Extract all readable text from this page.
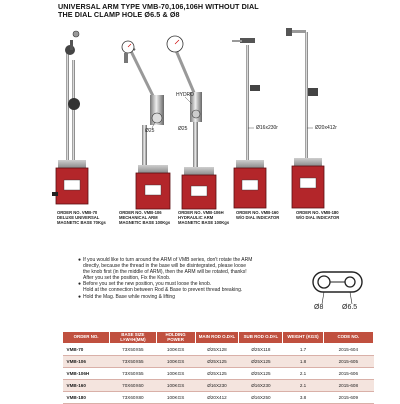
UNIVERSAL ARM TYPE VMB-70,106,106H WITHOUT DIAL
THE DIAL CLAMP HOLE Ø6.5 & Ø8
HYDRO
Ø25	Ø25	Ø16x230r	Ø20x412r
ORDER NO. VMB-70
DELUXE UNIVERSAL
MAGNETIC BASE 70Kgs
ORDER NO. VMB-106
MECHANICAL ARM
MAGNETIC BASE 100Kgs
ORDER NO. VMB-106H
HYDRAULIC ARM
MAGNETIC BASE 100Kgs
ORDER NO. VMB-160
W/O DIAL INDICATOR
ORDER NO. VMB-180
W/O DIAL INDICATOR
● If you would like to turn around the ARM of VMB series, don't rotate the ARM
directly, because the thread in the base will be disintegrated, please loose
the knob first (in the middle of ARM), then the ARM will be rotated, thanks!
After you set the position, Fix the Knob.
● Before you set the new position, you must loose the knob.
Hold at the connection between Rod & Base to prevent thread breaking.
● Hold the Mag. Base while moving & lifting
Ø8	Ø6.5
ORDER NO.	BASE SIZE L×W×H(MM)	HOLDING POWER	MAIN ROD O.D×L	SUB ROD O.D×L	WEIGHT (KGS)	CODE NO.
VMB-70	73X50X55	100KGS	Ø25X128	Ø25X118	1.7	2015-604
VMB-106	73X50X55	100KGS	Ø25X125	Ø25X125	1.8	2015-605
VMB-106H	73X50X55	100KGS	Ø25X125	Ø25X125	2.1	2015-606
VMB-160	70X60X60	100KGS	Ø16X230	Ø16X230	2.1	2015-608
VMB-180	73X60X80	100KGS	Ø20X412	Ø16X250	3.8	2015-609
